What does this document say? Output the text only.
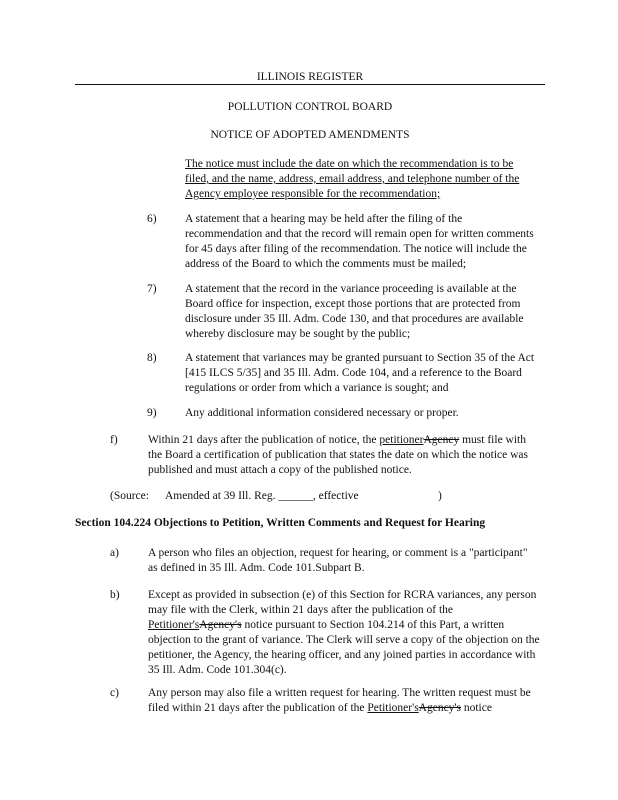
ILLINOIS REGISTER
POLLUTION CONTROL BOARD
NOTICE OF ADOPTED AMENDMENTS
The notice must include the date on which the recommendation is to be filed, and the name, address, email address, and telephone number of the Agency employee responsible for the recommendation;
6) A statement that a hearing may be held after the filing of the recommendation and that the record will remain open for written comments for 45 days after filing of the recommendation. The notice will include the address of the Board to which the comments must be mailed;
7) A statement that the record in the variance proceeding is available at the Board office for inspection, except those portions that are protected from disclosure under 35 Ill. Adm. Code 130, and that procedures are available whereby disclosure may be sought by the public;
8) A statement that variances may be granted pursuant to Section 35 of the Act [415 ILCS 5/35] and 35 Ill. Adm. Code 104, and a reference to the Board regulations or order from which a variance is sought; and
9) Any additional information considered necessary or proper.
f)	Within 21 days after the publication of notice, the petitionerAgency must file with the Board a certification of publication that states the date on which the notice was published and must attach a copy of the published notice.
(Source: Amended at 39 Ill. Reg. ______, effective	)
Section 104.224 Objections to Petition, Written Comments and Request for Hearing
a)	A person who files an objection, request for hearing, or comment is a "participant" as defined in 35 Ill. Adm. Code 101.Subpart B.
b) Except as provided in subsection (e) of this Section for RCRA variances, any person may file with the Clerk, within 21 days after the publication of the Petitioner'sAgency's notice pursuant to Section 104.214 of this Part, a written objection to the grant of variance. The Clerk will serve a copy of the objection on the petitioner, the Agency, the hearing officer, and any joined parties in accordance with 35 Ill. Adm. Code 101.304(c).
c)	Any person may also file a written request for hearing. The written request must be filed within 21 days after the publication of the Petitioner'sAgency's notice
